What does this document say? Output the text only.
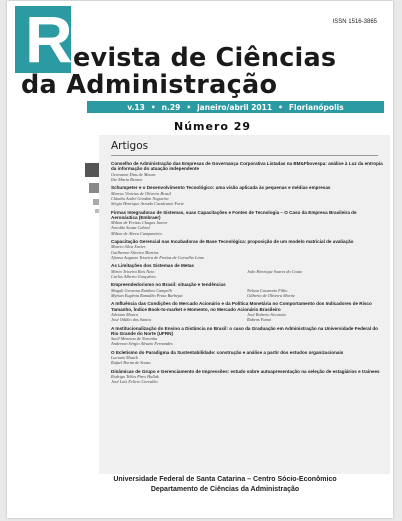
ISSN 1516-3865
R evista de Ciências
da Administração
v.13 • n.29 • janeiro/abril 2011 • Florianópolis
Número 29
Artigos
Conselho de Administração das Empresas de Governança Corporativa Listadas na BM&Fbovespa: análise à Luz da entropia da informação do atuação independente
Geovanne Dias de Moura
Ilse Maria Beuren
Schumpeter e o Desenvolvimento Tecnológico: uma visão aplicada às pequenas e médias empresas
Marcus Vinicius de Oliveira Brasil
Cláudia André Gondim Nogueira
Sérgio Henrique Arruda Cavalcante Forte
Firmas Integradoras de Sistemas, suas Capacitações e Fontes de Tecnologia – O Caso da Empresa Brasileira de Aeronáutica (Embraer)
Milton de Freitas Chagas Junior
Arnoldo Souza Cabral
Milton de Abreu Campanário
Capacitação Gerencial nas Incubadoras de Base Tecnológica: proposição de um modelo matricial de avaliação
Marcio Silva Xavier
Guilherme Silveira Martins
Afonso Augusto Teixeira de Freitas de Carvalho Lima
As Limitações dos Sistemas de Metas
Mário Teixeira Reis Neto	João Henrique Soares do Couto
Carlos Alberto Gonçalves
Empreendedorismo no Brasil: situação e tendências
Magali Geovana Ramlow Campelli	Nelson Casarotto Filho
Myrian Eugênia Ramalho Prata Barbejat	Gilberto de Oliveira Moritz
A Influência das Condições do Mercado Acionário e da Política Monetária no Comportamento dos Indicadores de Risco Tamanho, Índice Book-to-market e Momento, no Mercado Acionário Brasileiro
Adriano Moura	José Roberto Securato
José Odálio dos Santos	Rubens Famá
A Institucionalização do Ensino a Distância no Brasil: o caso da Graduação em Administração na Universidade Federal do Rio Grande do Norte (UFRN)
Suell Menetou de Noronha
Anderson Sérgio Alrazio Fernandes
O Ecletismo do Paradigma da Sustentabilidade: construção e análise a partir dos estudos organizacionais
Luciano Munck
Rafael Borim de Souza
Dinâmicas de Grupo e Gerenciamento de Impressões: estudo sobre autoapresentação na seleção de estagiários e trainees
Rodrigo Telles Pires Hallak
José Luís Felicio Carvalho
Universidade Federal de Santa Catarina – Centro Sócio-Econômico
Departamento de Ciências da Administração
